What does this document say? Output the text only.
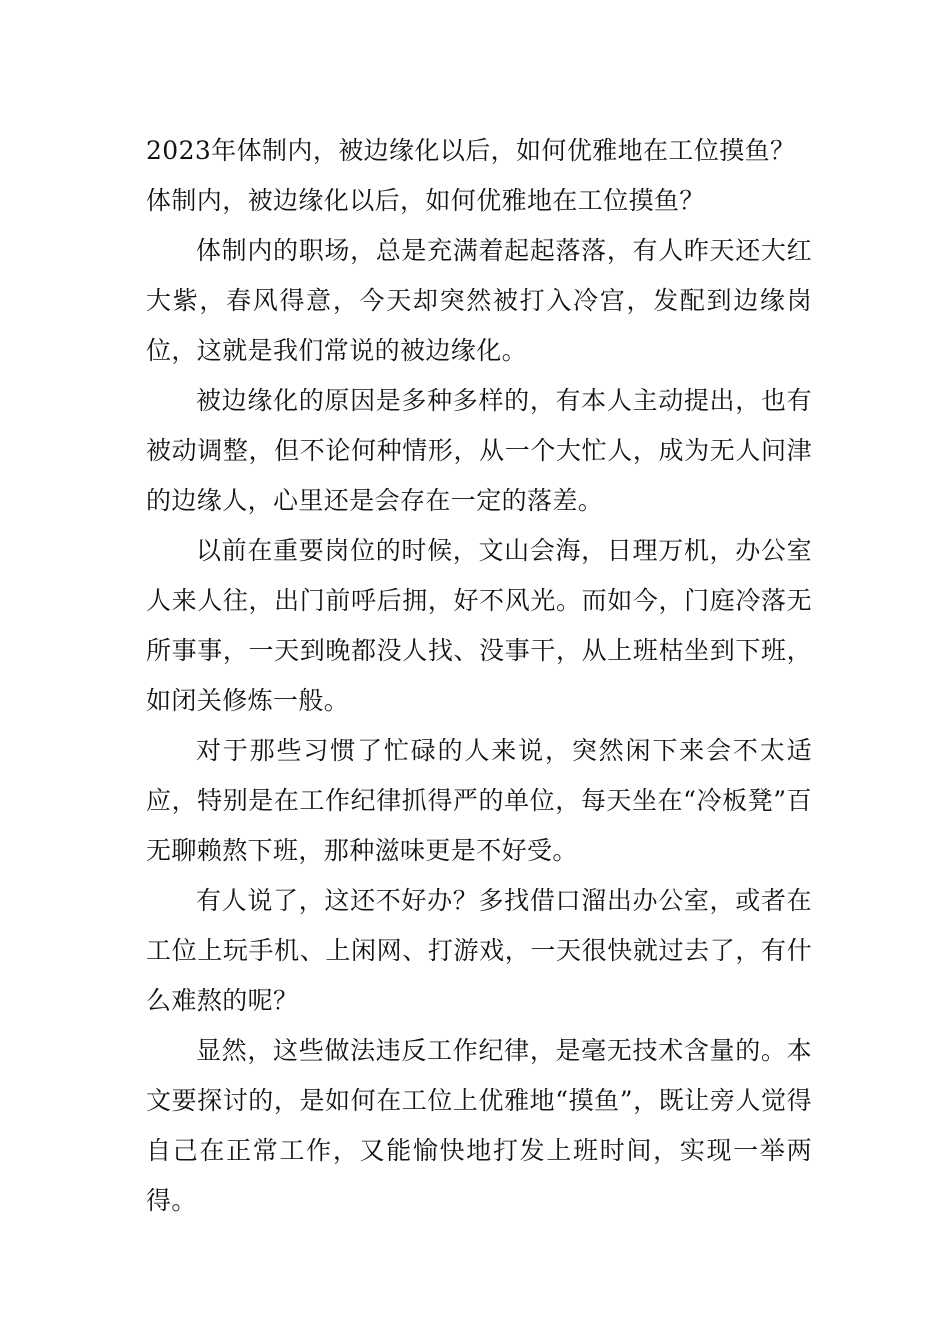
2023年体制内，被边缘化以后，如何优雅地在工位摸鱼？

体制内，被边缘化以后，如何优雅地在工位摸鱼？

体制内的职场，总是充满着起起落落，有人昨天还大红大紫，春风得意，今天却突然被打入冷宫，发配到边缘岗位，这就是我们常说的被边缘化。

被边缘化的原因是多种多样的，有本人主动提出，也有被动调整，但不论何种情形，从一个大忙人，成为无人问津的边缘人，心里还是会存在一定的落差。

以前在重要岗位的时候，文山会海，日理万机，办公室人来人往，出门前呼后拥，好不风光。而如今，门庭冷落无所事事，一天到晚都没人找、没事干，从上班枯坐到下班，如闭关修炼一般。

对于那些习惯了忙碌的人来说，突然闲下来会不太适应，特别是在工作纪律抓得严的单位，每天坐在“冷板凳”百无聊赖熬下班，那种滋味更是不好受。

有人说了，这还不好办？多找借口溜出办公室，或者在工位上玩手机、上闲网、打游戏，一天很快就过去了，有什么难熬的呢？

显然，这些做法违反工作纪律，是毫无技术含量的。本文要探讨的，是如何在工位上优雅地“摸鱼”，既让旁人觉得自己在正常工作，又能愉快地打发上班时间，实现一举两得。
